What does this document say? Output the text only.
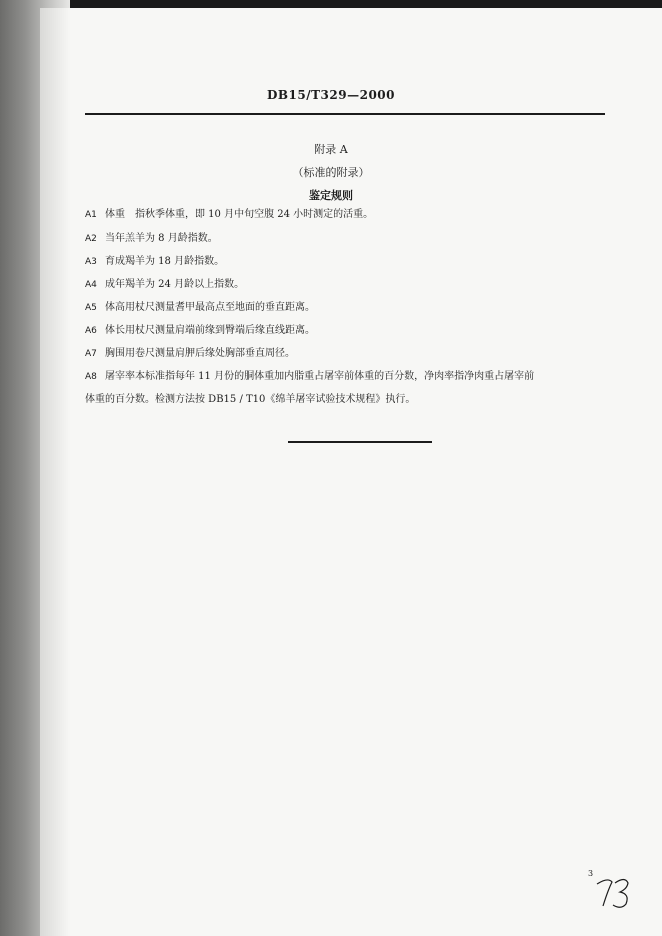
DB15/T329—2000
附录 A
（标准的附录）
鉴定规则
A1 体重　指秋季体重，即 10 月中旬空腹 24 小时测定的活重。
A2 当年羔羊为 8 月龄指数。
A3 育成羯羊为 18 月龄指数。
A4 成年羯羊为 24 月龄以上指数。
A5 体高用杖尺测量耆甲最高点至地面的垂直距离。
A6 体长用杖尺测量肩端前缘到臀端后缘直线距离。
A7 胸围用卷尺测量肩胛后缘处胸部垂直周径。
A8 屠宰率本标准指每年 11 月份的胴体重加内脂重占屠宰前体重的百分数，净肉率指净肉重占屠宰前
体重的百分数。检测方法按 DB15 / T10《绵羊屠宰试验技术规程》执行。
3
